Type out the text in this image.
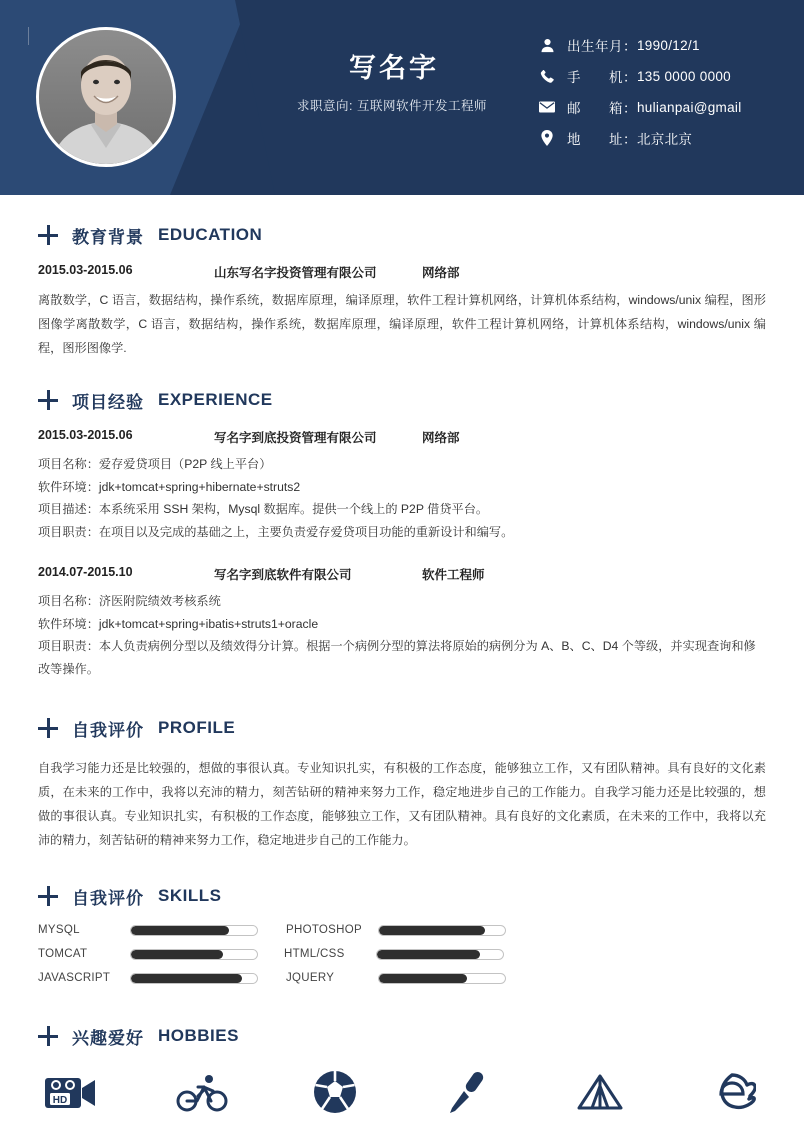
写名字
求职意向: 互联网软件开发工程师
出生年月： 1990/12/1
手　　机： 135 0000 0000
邮　　箱： hulianpai@gmail
地　　址： 北京北京
教育背景 EDUCATION
2015.03-2015.06	山东写名字投资管理有限公司	网络部
离散数学，C 语言，数据结构，操作系统，数据库原理，编译原理，软件工程计算机网络，计算机体系结构，windows/unix 编程，图形图像学离散数学，C 语言，数据结构，操作系统，数据库原理，编译原理，软件工程计算机网络，计算机体系结构，windows/unix 编程，图形图像学.
项目经验 EXPERIENCE
2015.03-2015.06	写名字到底投资管理有限公司	网络部
项目名称：爱存爱贷项目（P2P 线上平台）
软件环境：jdk+tomcat+spring+hibernate+struts2
项目描述：本系统采用 SSH 架构，Mysql 数据库。提供一个线上的 P2P 借贷平台。
项目职责：在项目以及完成的基础之上，主要负责爱存爱贷项目功能的重新设计和编写。
2014.07-2015.10	写名字到底软件有限公司	软件工程师
项目名称：济医附院绩效考核系统
软件环境：jdk+tomcat+spring+ibatis+struts1+oracle
项目职责：本人负责病例分型以及绩效得分计算。根据一个病例分型的算法将原始的病例分为 A、B、C、D4 个等级，并实现查询和修改等操作。
自我评价 PROFILE
自我学习能力还是比较强的，想做的事很认真。专业知识扎实，有积极的工作态度，能够独立工作，又有团队精神。具有良好的文化素质，在未来的工作中，我将以充沛的精力，刻苦钻研的精神来努力工作，稳定地进步自己的工作能力。自我学习能力还是比较强的，想做的事很认真。专业知识扎实，有积极的工作态度，能够独立工作，又有团队精神。具有良好的文化素质，在未来的工作中，我将以充沛的精力，刻苦钻研的精神来努力工作，稳定地进步自己的工作能力。
自我评价 SKILLS
MYSQL	PHOTOSHOP
TOMCAT	HTML/CSS
JAVASCRIPT	JQUERY
兴趣爱好 HOBBIES
HD
